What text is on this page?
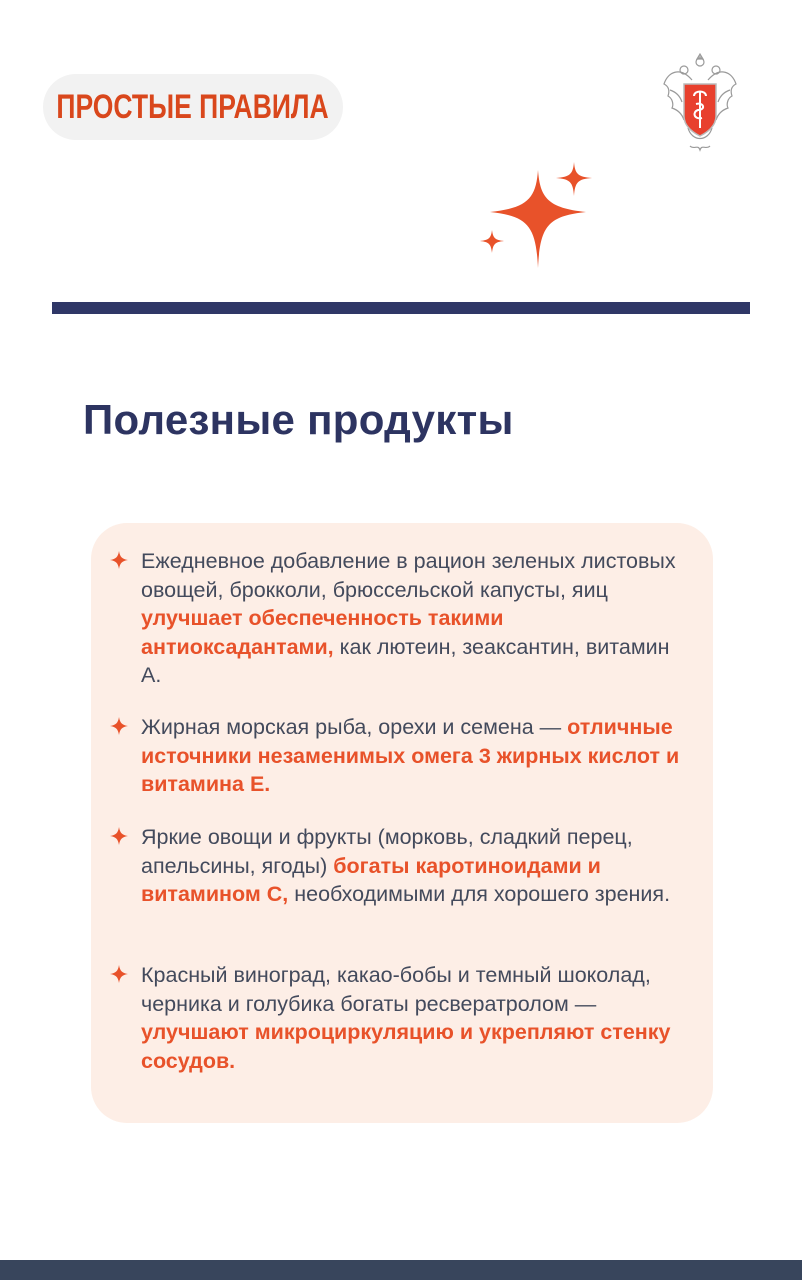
ПРОСТЫЕ ПРАВИЛА
Полезные продукты

Ежедневное добавление в рацион зеленых листовых овощей, брокколи, брюссельской капусты, яиц улучшает обеспеченность такими антиоксадантами, как лютеин, зеаксантин, витамин А.

Жирная морская рыба, орехи и семена — отличные источники незаменимых омега 3 жирных кислот и витамина Е.

Яркие овощи и фрукты (морковь, сладкий перец, апельсины, ягоды) богаты каротиноидами и витамином С, необходимыми для хорошего зрения.

Красный виноград, какао-бобы и темный шоколад, черника и голубика богаты ресвератролом — улучшают микроциркуляцию и укрепляют стенку сосудов.
